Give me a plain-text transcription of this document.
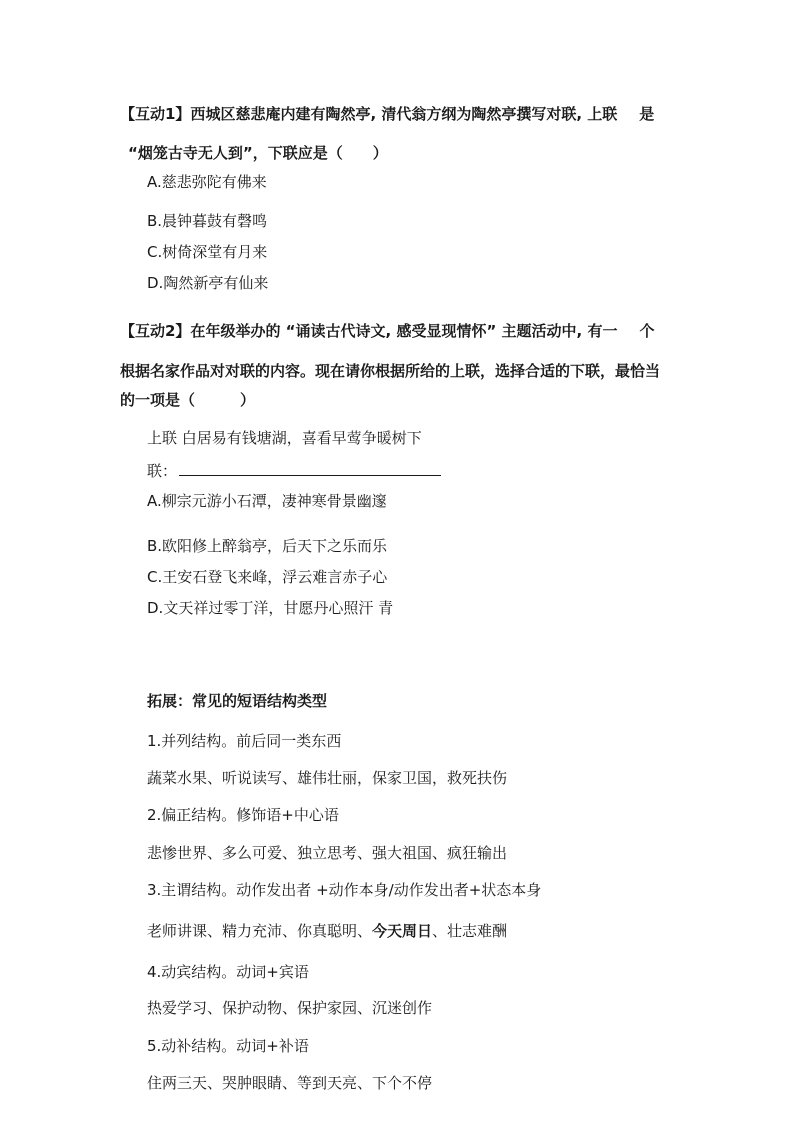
【互动1】西城区慈悲庵内建有陶然亭, 清代翁方纲为陶然亭撰写对联, 上联 是
“烟笼古寺无人到”，下联应是（　　）
A.慈悲弥陀有佛来
B.晨钟暮鼓有磬鸣
C.树倚深堂有月来
D.陶然新亭有仙来
【互动2】在年级举办的 “诵读古代诗文, 感受显现情怀” 主题活动中, 有一 个
根据名家作品对对联的内容。现在请你根据所给的上联，选择合适的下联，最恰当
的一项是（　　　）
上联 白居易有钱塘湖，喜看早莺争暖树下
联：
A.柳宗元游小石潭，凄神寒骨景幽邃
B.欧阳修上醉翁亭，后天下之乐而乐
C.王安石登飞来峰，浮云难言赤子心
D.文天祥过零丁洋，甘愿丹心照汗 青
拓展：常见的短语结构类型
1.并列结构。前后同一类东西
蔬菜水果、听说读写、雄伟壮丽，保家卫国，救死扶伤
2.偏正结构。修饰语+中心语
悲惨世界、多么可爱、独立思考、强大祖国、疯狂输出
3.主谓结构。动作发出者 +动作本身/动作发出者+状态本身
老师讲课、精力充沛、你真聪明、今天周日、壮志难酬
4.动宾结构。动词+宾语
热爱学习、保护动物、保护家园、沉迷创作
5.动补结构。动词+补语
住两三天、哭肿眼睛、等到天亮、下个不停
